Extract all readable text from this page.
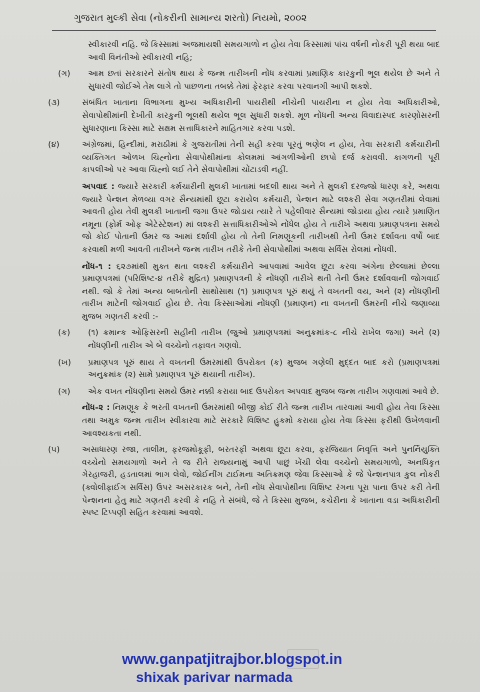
ગુજરાત મુલ્કી સેવા (નોકરીની સામાન્ય શરતો) નિયમો, ૨૦૦૨
સ્વીકારવી નહિ. જે કિસ્સામાં અજમાયશી સમયગાળો ન હોય તેવા કિસ્સામાં પાંચ વર્ષની નોકરી પૂરી થયા બાદ આવી વિનંતીઓ સ્વીકારવી નહિ;
(ગ) આમ છતાં સરકારને સંતોષ થાય કે જન્મ તારીખની નોંધ કરવામાં પ્રમાણિક કારકુની ભૂલ થયેલ છે અને તે સુધારવી જોઈએ તેમ લાગે તો પાછળના તબક્કે તેમાં ફેરફાર કરવા પરવાનગી આપી શકશે.
(૩)	સંબંધિત ખાતાના વિભાગના મુખ્ય અધિકારીની પાયરીથી નીચેની પાયરીના ન હોય તેવા અધિકારીઓ, સેવાપોથીમાંની દેખીતી કારકુની ભૂલથી થયેલ ભૂલ સુધારી શકશે. મૂળ નોંધની અન્ય વિવાદાસ્પદ કારણોસરની સુધારણાના કિસ્સા માટે સક્ષમ સત્તાધિકારને માહિતગાર કરવા પડશે.
(૪)	અંગ્રેજમાં, હિન્દીમાં, મરાઠીમાં કે ગુજરાતીમાં તેની સહી કરવા પૂરતું ભણેલ ન હોય, તેવા સરકારી કર્મચારીની વ્યક્તિગત ઓળખ ચિહ્નોના સેવાપોથીમાંના કોલમમાં આંગળીઓની છાપો દર્જ કરાવવી. કાગળની પૂરી કાપલીઓ પર આવા ચિહ્નો લઈ તેને સેવાપોથીમાં ચોંટાડવી નહીં.
અપવાદ : જ્યારે સરકારી કર્મચારીની મુલકી ખાતામાં બદલી થાય અને તે મુલકી દરજ્જો ધારણ કરે, અથવા જ્યારે પેન્શન મેળવ્યા વગર સૈન્યમાંથી છૂટા કરાયેલ કર્મચારી, પેન્શન માટે લશ્કરી સેવા ગણતરીમાં લેવામાં આવતી હોય તેવી મુલકી ખાતાની જગા ઉપર જોડાય ત્યારે તે પહેલીવાર સૈન્યમાં જોડાયા હોય ત્યારે પ્રમાણિત નમૂના (ફોર્મ ઓફ એટેસ્ટેશન) માં લશ્કરી સત્તાધિકારીઓએ નોંધેલ હોય તે તારીખે અથવા પ્રમાણપત્રના સમયે જો કોઈ પોતાની ઉંમર જ આમાં દર્શાવી હોય તો તેની નિમણૂકની તારીખથી તેની ઉંમર દર્શાવતા વર્ષો બાદ કરવાથી મળી આવતી તારીખને જન્મ તારીખ તરીકે તેની સેવાપોથીમાં અથવા સર્વિસ રોલમાં નોંધવી.
નોંધ-૧ : ૬૨૭માંથી મુક્ત થતા લશ્કરી કર્મચારીને આપવામાં આવેલ છૂટા કરવા અંગેના છેલ્લામાં છેલ્લા પ્રમાણપત્રમાં (પરિશિષ્ટ-૪ તરીકે મુદ્રિત) પ્રમાણપત્રની કે નોંધણી તારીખે થતી તેની ઉંમર દર્શાવવાની જોગવાઈ નથી. જો કે તેમાં અન્ય બાબતોની સાથોસાથ (૧) પ્રમાણપત્ર પૂરું થયું તે વખતની વય, અને (૨) નોંધણીની તારીખ માટેની જોગવાઈ હોય છે. તેવા કિસ્સાઓમાં નોંધણી (પ્રમાણન) ના વખતની ઉંમરની નીચે જણાવ્યા મુજબ ગણતરી કરવી :-
(ક) (૧) ક્રમાન્ક ઓફિસરની સહીની તારીખ (જુઓ પ્રમાણપત્રમાં અનુક્રમાંક-૮ નીચે રાખેલ જગા) અને (૨) નોંધણીની તારીખ એ બે વચ્ચેનો તફાવત ગણવો.
(ખ) પ્રમાણપત્ર પૂરું થાય તે વખતની ઉંમરમાંથી ઉપરોક્ત (ક) મુજબ ગણેલી મુદ્દત બાદ કરો (પ્રમાણપત્રમાં અનુક્રમાંક (૨) સામે પ્રમાણપત્ર પૂરું થયાની તારીખ).
(ગ) એક વખત નોંધણીના સમયે ઉંમર નક્કી કરાયા બાદ ઉપરોક્ત અપવાદ મુજબ જન્મ તારીખ ગણવામાં આવે છે.
નોંધ-૨ : નિમણૂક કે ભરતી વખતની ઉંમરમાંથી બીજી કોઈ રીતે જન્મ તારીખ તારવામાં આવી હોય તેવા કિસ્સા તથા અમુક જન્મ તારીખ સ્વીકારવા માટે સરકારે વિશિષ્ટ હુકમો કરાયા હોય તેવા કિસ્સા ફરીથી ઉખેળવાની આવશ્યકતા નથી.
(૫)	અસાધારણ રજા, તાલીમ, ફરજમોકૂફી, બરતરફી અથવા છૂટા કરવા, ફરજિયાત નિવૃત્તિ અને પુનર્નિયુક્તિ વચ્ચેનો સમયગાળો અને તે જ રીતે રાજ્યનામું આપી પાછું ખેંચી લેવા વચ્ચેનો સમયગાળો, અનધિકૃત ગેરહાજરી, હડતાલમાં ભાગ લેવો, જોઈનીંગ ટાઈમના અતિક્રમણ જેવા કિસ્સાઓ કે જે પેન્શનપાત્ર કુલ નોકરી (ક્વોલીફાઈંગ સર્વિસ) ઉપર અસરકારક બને, તેની નોંધ સેવાપોથીના વિશિષ્ટ રંગના પૂરા પાના ઉપર કરી તેની પેન્શનના હેતુ માટે ગણતરી કરવી કે નહિ તે સંબંધે, જે તે કિસ્સા મુજબ, કચેરીના કે ખાતાના વડા અધિકારીની સ્પષ્ટ ટિપ્પણી સહિત કરવામાં આવશે.
www.ganpatjitrajbor.blogspot.in
shixak parivar narmada
